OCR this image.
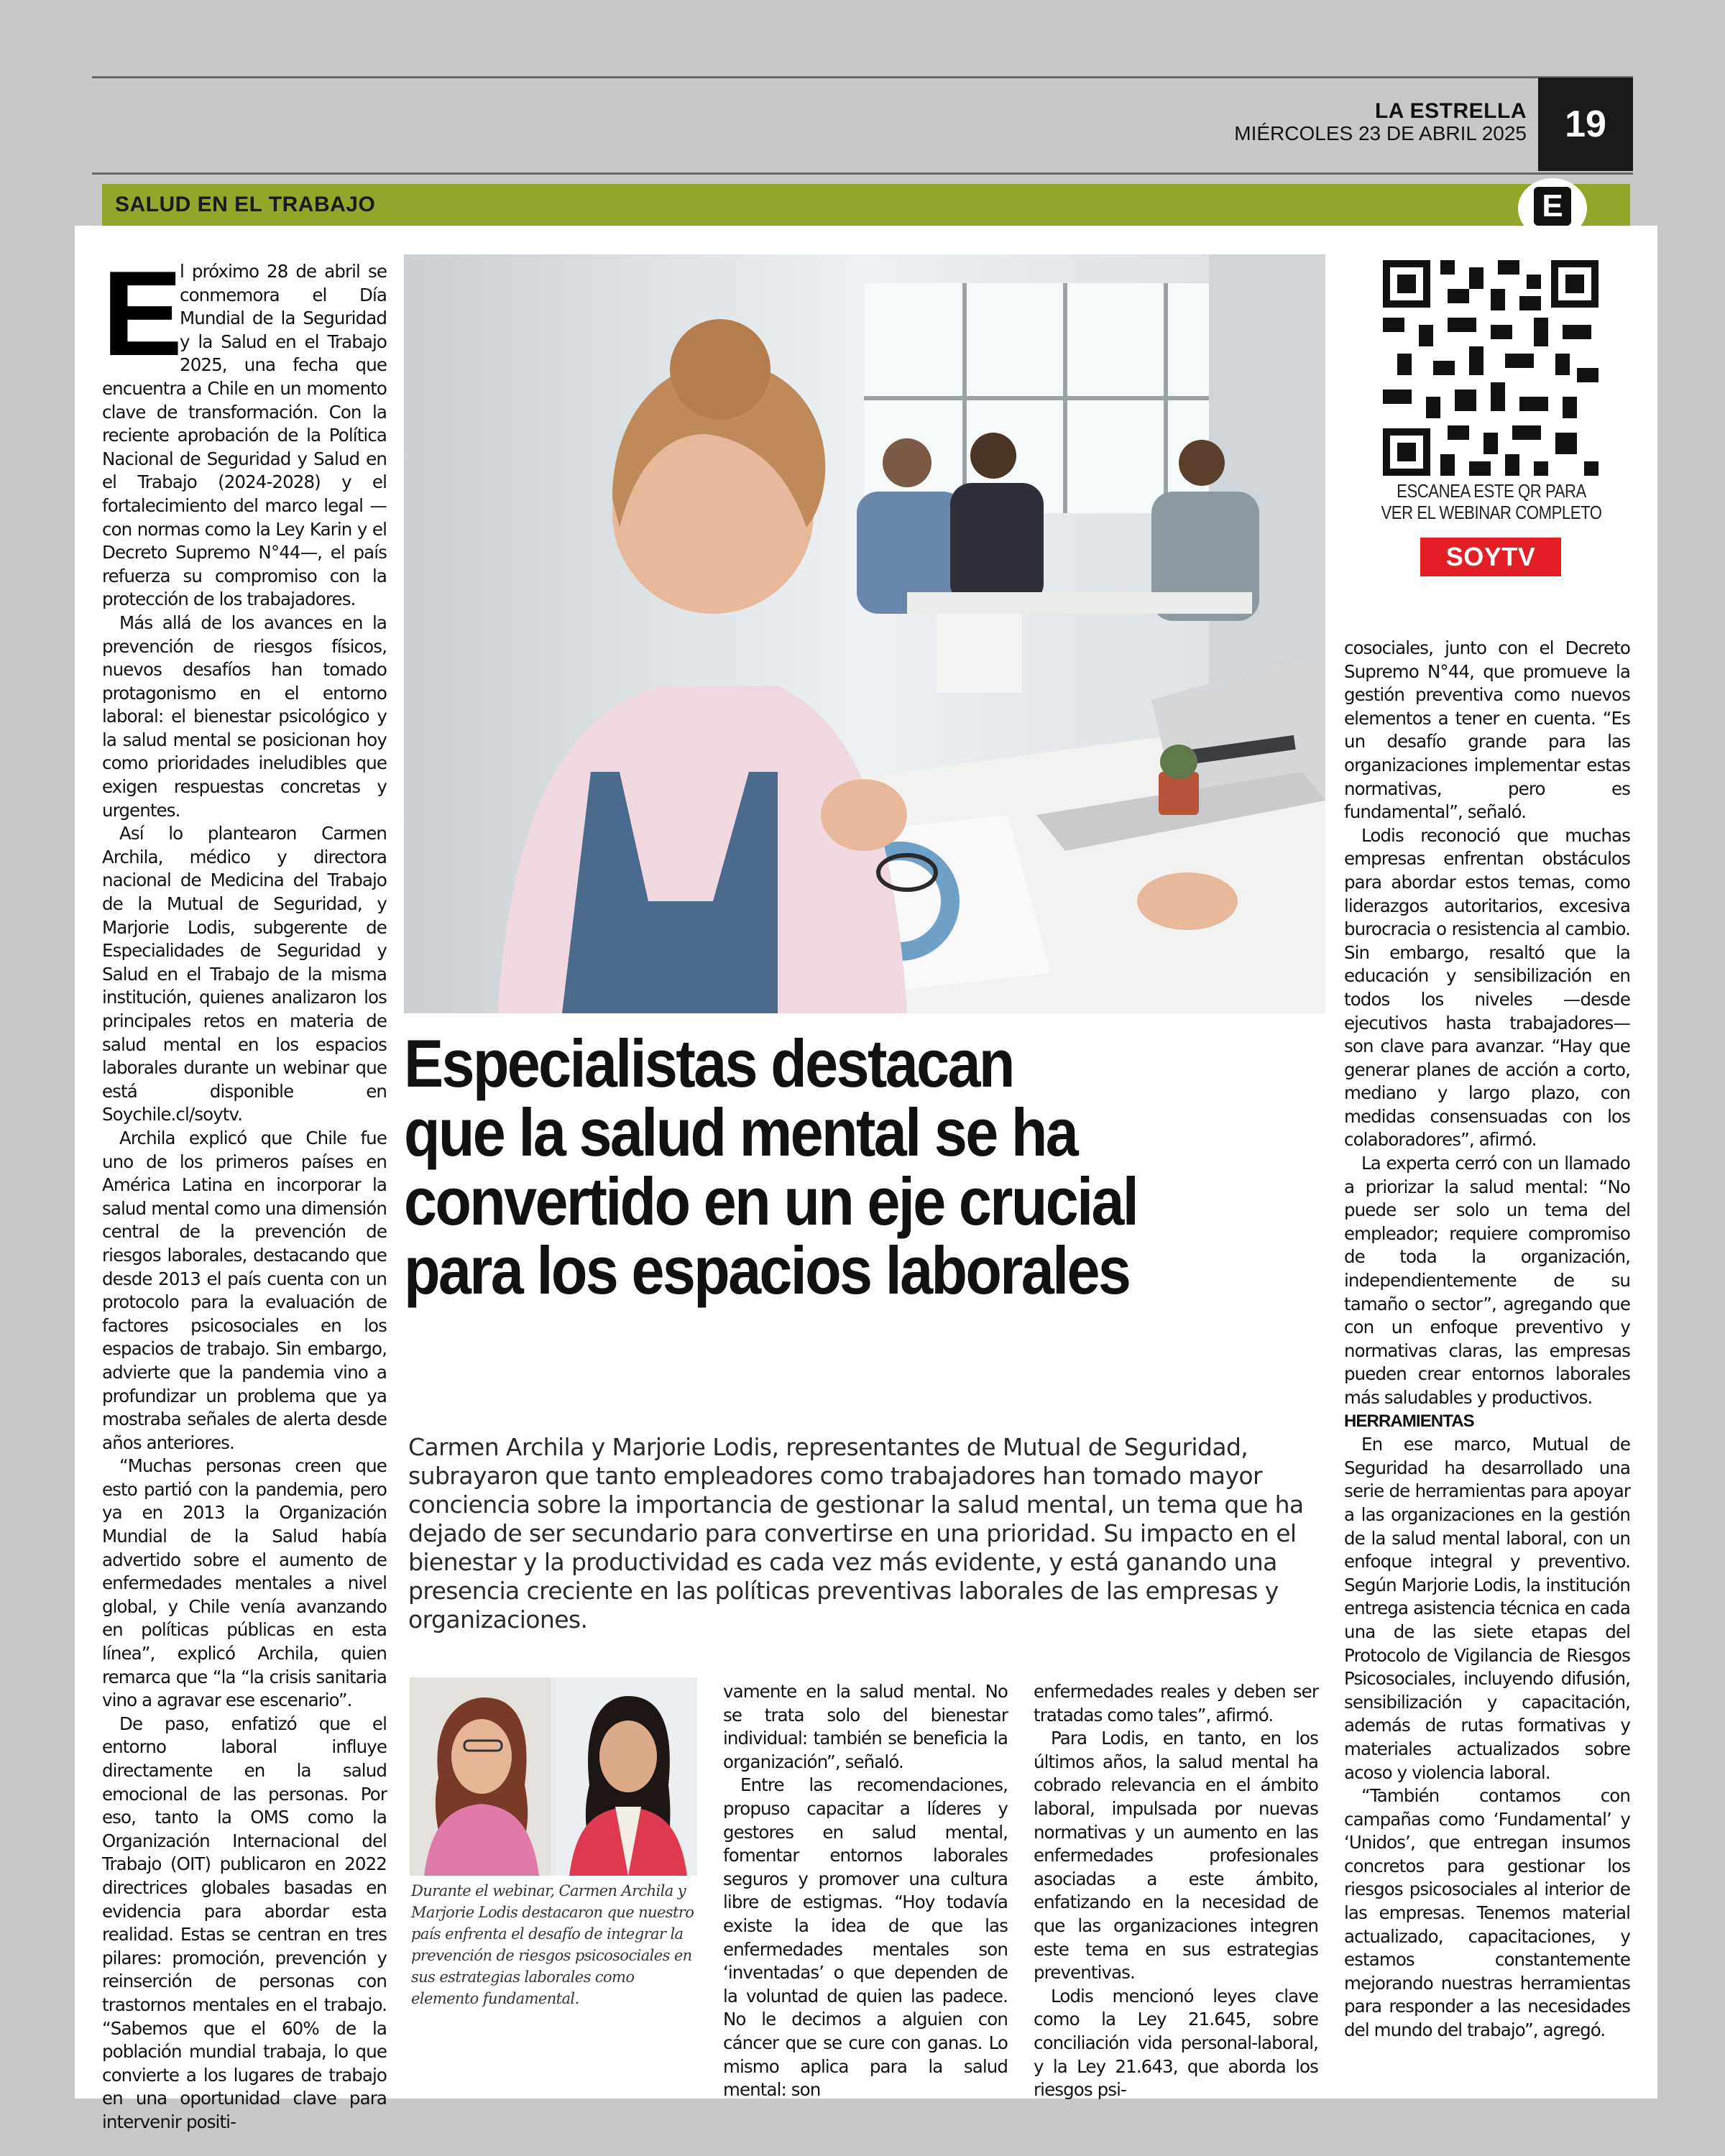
LA ESTRELLA
MIÉRCOLES 23 DE ABRIL 2025	19
SALUD EN EL TRABAJO	E

E
l próximo 28 de abril se conmemora el Día Mundial de la Seguridad y la Salud en el Trabajo 2025, una fecha que encuentra a Chile en un momento clave de transformación. Con la reciente aprobación de la Política Nacional de Seguridad y Salud en el Trabajo (2024-2028) y el fortalecimiento del marco legal —con normas como la Ley Karin y el Decreto Supremo N°44—, el país refuerza su compromiso con la protección de los trabajadores.

Más allá de los avances en la prevención de riesgos físicos, nuevos desafíos han tomado protagonismo en el entorno laboral: el bienestar psicológico y la salud mental se posicionan hoy como prioridades ineludibles que exigen respuestas concretas y urgentes.

Así lo plantearon Carmen Archila, médico y directora nacional de Medicina del Trabajo de la Mutual de Seguridad, y Marjorie Lodis, subgerente de Especialidades de Seguridad y Salud en el Trabajo de la misma institución, quienes analizaron los principales retos en materia de salud mental en los espacios laborales durante un webinar que está disponible en Soychile.cl/soytv.

Archila explicó que Chile fue uno de los primeros países en América Latina en incorporar la salud mental como una dimensión central de la prevención de riesgos laborales, destacando que desde 2013 el país cuenta con un protocolo para la evaluación de factores psicosociales en los espacios de trabajo. Sin embargo, advierte que la pandemia vino a profundizar un problema que ya mostraba señales de alerta desde años anteriores.

“Muchas personas creen que esto partió con la pandemia, pero ya en 2013 la Organización Mundial de la Salud había advertido sobre el aumento de enfermedades mentales a nivel global, y Chile venía avanzando en políticas públicas en esta línea”, explicó Archila, quien remarca que “la “la crisis sanitaria vino a agravar ese escenario”.

De paso, enfatizó que el entorno laboral influye directamente en la salud emocional de las personas. Por eso, tanto la OMS como la Organización Internacional del Trabajo (OIT) publicaron en 2022 directrices globales basadas en evidencia para abordar esta realidad. Estas se centran en tres pilares: promoción, prevención y reinserción de personas con trastornos mentales en el trabajo. “Sabemos que el 60% de la población mundial trabaja, lo que convierte a los lugares de trabajo en una oportunidad clave para intervenir positi-

ESCANEA ESTE QR PARA
VER EL WEBINAR COMPLETO
SOYTV

cosociales, junto con el Decreto Supremo N°44, que promueve la gestión preventiva como nuevos elementos a tener en cuenta. “Es un desafío grande para las organizaciones implementar estas normativas, pero es fundamental”, señaló.

Lodis reconoció que muchas empresas enfrentan obstáculos para abordar estos temas, como liderazgos autoritarios, excesiva burocracia o resistencia al cambio. Sin embargo, resaltó que la educación y sensibilización en todos los niveles —desde ejecutivos hasta trabajadores— son clave para avanzar. “Hay que generar planes de acción a corto, mediano y largo plazo, con medidas consensuadas con los colaboradores”, afirmó.

La experta cerró con un llamado a priorizar la salud mental: “No puede ser solo un tema del empleador; requiere compromiso de toda la organización, independientemente de su tamaño o sector”, agregando que con un enfoque preventivo y normativas claras, las empresas pueden crear entornos laborales más saludables y productivos.

HERRAMIENTAS

En ese marco, Mutual de Seguridad ha desarrollado una serie de herramientas para apoyar a las organizaciones en la gestión de la salud mental laboral, con un enfoque integral y preventivo. Según Marjorie Lodis, la institución entrega asistencia técnica en cada una de las siete etapas del Protocolo de Vigilancia de Riesgos Psicosociales, incluyendo difusión, sensibilización y capacitación, además de rutas formativas y materiales actualizados sobre acoso y violencia laboral.

“También contamos con campañas como ‘Fundamental’ y ‘Unidos’, que entregan insumos concretos para gestionar los riesgos psicosociales al interior de las empresas. Tenemos material actualizado, capacitaciones, y estamos constantemente mejorando nuestras herramientas para responder a las necesidades del mundo del trabajo”, agregó.

Especialistas destacan
que la salud mental se ha
convertido en un eje crucial
para los espacios laborales
Carmen Archila y Marjorie Lodis, representantes de Mutual de Seguridad, subrayaron que tanto empleadores como trabajadores han tomado mayor conciencia sobre la importancia de gestionar la salud mental, un tema que ha dejado de ser secundario para convertirse en una prioridad. Su impacto en el bienestar y la productividad es cada vez más evidente, y está ganando una presencia creciente en las políticas preventivas laborales de las empresas y organizaciones.
Durante el webinar, Carmen Archila y Marjorie Lodis destacaron que nuestro país enfrenta el desafío de integrar la prevención de riesgos psicosociales en sus estrategias laborales como elemento fundamental.

vamente en la salud mental. No se trata solo del bienestar individual: también se beneficia la organización”, señaló.

Entre las recomendaciones, propuso capacitar a líderes y gestores en salud mental, fomentar entornos laborales seguros y promover una cultura libre de estigmas. “Hoy todavía existe la idea de que las enfermedades mentales son ‘inventadas’ o que dependen de la voluntad de quien las padece. No le decimos a alguien con cáncer que se cure con ganas. Lo mismo aplica para la salud mental: son

enfermedades reales y deben ser tratadas como tales”, afirmó.

Para Lodis, en tanto, en los últimos años, la salud mental ha cobrado relevancia en el ámbito laboral, impulsada por nuevas normativas y un aumento en las enfermedades profesionales asociadas a este ámbito, enfatizando en la necesidad de que las organizaciones integren este tema en sus estrategias preventivas.

Lodis mencionó leyes clave como la Ley 21.645, sobre conciliación vida personal-laboral, y la Ley 21.643, que aborda los riesgos psi-
